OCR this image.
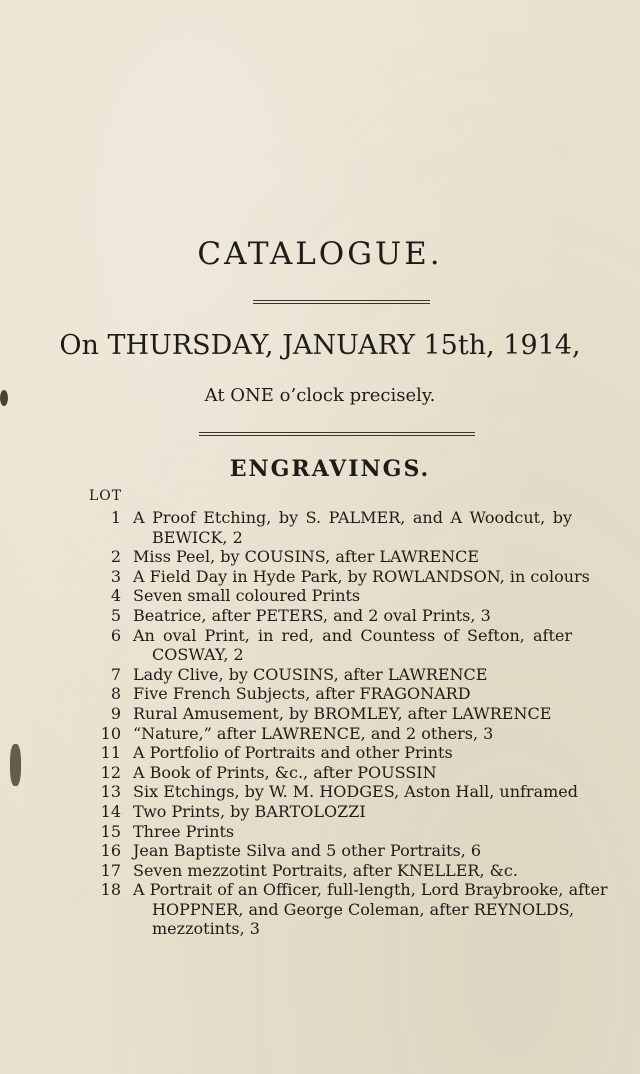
CATALOGUE.

On THURSDAY, JANUARY 15th, 1914,

At ONE o’clock precisely.

ENGRAVINGS.
LOT
1 A Proof Etching, by S. PALMER, and A Woodcut, by
BEWICK, 2
2 Miss Peel, by COUSINS, after LAWRENCE
3 A Field Day in Hyde Park, by ROWLANDSON, in colours
4 Seven small coloured Prints
5 Beatrice, after PETERS, and 2 oval Prints, 3
6 An oval Print, in red, and Countess of Sefton, after
COSWAY, 2
7 Lady Clive, by COUSINS, after LAWRENCE
8 Five French Subjects, after FRAGONARD
9 Rural Amusement, by BROMLEY, after LAWRENCE
10 “Nature,” after LAWRENCE, and 2 others, 3
11 A Portfolio of Portraits and other Prints
12 A Book of Prints, &c., after POUSSIN
13 Six Etchings, by W. M. HODGES, Aston Hall, unframed
14 Two Prints, by BARTOLOZZI
15 Three Prints
16 Jean Baptiste Silva and 5 other Portraits, 6
17 Seven mezzotint Portraits, after KNELLER, &c.
18 A Portrait of an Officer, full-length, Lord Braybrooke, after
HOPPNER, and George Coleman, after REYNOLDS,
mezzotints, 3
